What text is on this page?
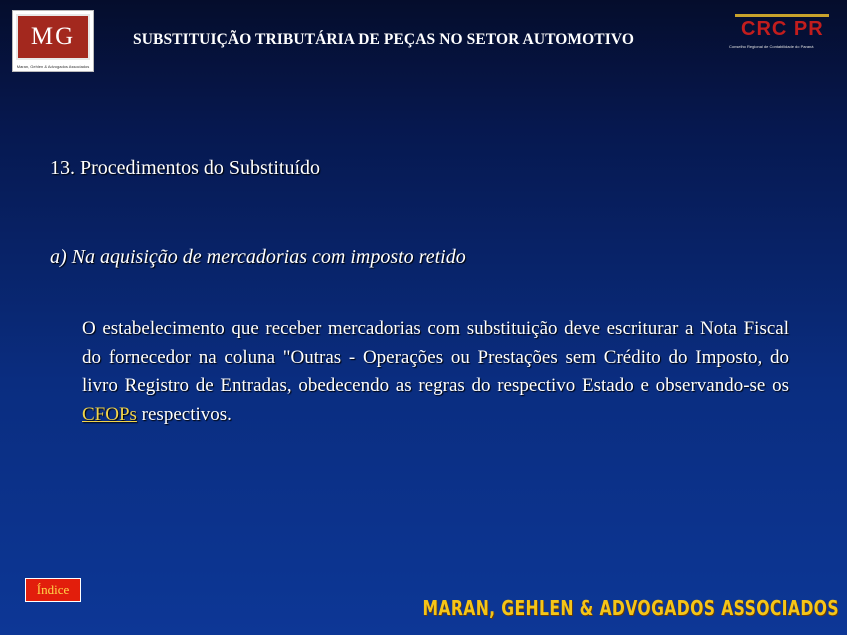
MG
Maran, Gehlen & Advogados Associados
SUBSTITUIÇÃO TRIBUTÁRIA DE PEÇAS NO SETOR AUTOMOTIVO	CRC PR
Conselho Regional de Contabilidade do Paraná
13. Procedimentos do Substituído
a) Na aquisição de mercadorias com imposto retido
O estabelecimento que receber mercadorias com substituição deve escriturar a Nota Fiscal do fornecedor na coluna "Outras - Operações ou Prestações sem Crédito do Imposto, do livro Registro de Entradas, obedecendo as regras do respectivo Estado e observando-se os CFOPs respectivos.
Índice
MARAN, GEHLEN & ADVOGADOS ASSOCIADOS
